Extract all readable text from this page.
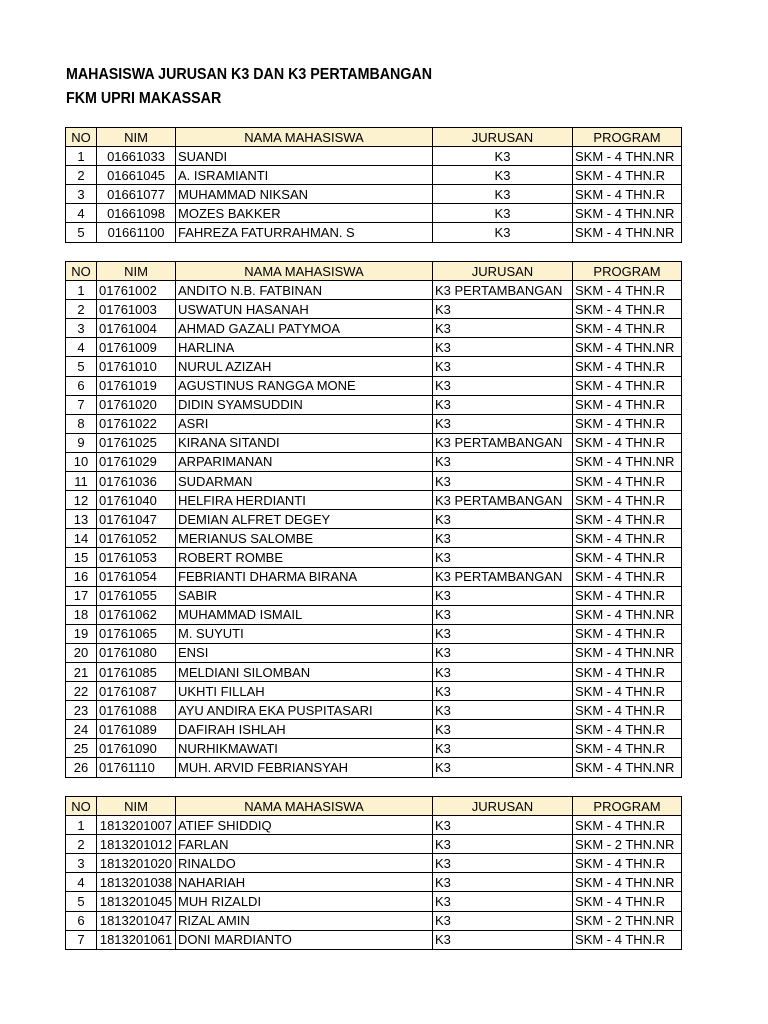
MAHASISWA JURUSAN K3 DAN K3 PERTAMBANGAN
FKM UPRI MAKASSAR
NO	NIM	NAMA MAHASISWA	JURUSAN	PROGRAM
1	01661033	SUANDI	K3	SKM - 4 THN.NR
2	01661045	A. ISRAMIANTI	K3	SKM - 4 THN.R
3	01661077	MUHAMMAD NIKSAN	K3	SKM - 4 THN.R
4	01661098	MOZES BAKKER	K3	SKM - 4 THN.NR
5	01661100	FAHREZA FATURRAHMAN. S	K3	SKM - 4 THN.NR
NO	NIM	NAMA MAHASISWA	JURUSAN	PROGRAM
1	01761002	ANDITO N.B. FATBINAN	K3 PERTAMBANGAN	SKM - 4 THN.R
2	01761003	USWATUN HASANAH	K3	SKM - 4 THN.R
3	01761004	AHMAD GAZALI PATYMOA	K3	SKM - 4 THN.R
4	01761009	HARLINA	K3	SKM - 4 THN.NR
5	01761010	NURUL AZIZAH	K3	SKM - 4 THN.R
6	01761019	AGUSTINUS RANGGA MONE	K3	SKM - 4 THN.R
7	01761020	DIDIN SYAMSUDDIN	K3	SKM - 4 THN.R
8	01761022	ASRI	K3	SKM - 4 THN.R
9	01761025	KIRANA SITANDI	K3 PERTAMBANGAN	SKM - 4 THN.R
10	01761029	ARPARIMANAN	K3	SKM - 4 THN.NR
11	01761036	SUDARMAN	K3	SKM - 4 THN.R
12	01761040	HELFIRA HERDIANTI	K3 PERTAMBANGAN	SKM - 4 THN.R
13	01761047	DEMIAN ALFRET DEGEY	K3	SKM - 4 THN.R
14	01761052	MERIANUS SALOMBE	K3	SKM - 4 THN.R
15	01761053	ROBERT ROMBE	K3	SKM - 4 THN.R
16	01761054	FEBRIANTI DHARMA BIRANA	K3 PERTAMBANGAN	SKM - 4 THN.R
17	01761055	SABIR	K3	SKM - 4 THN.R
18	01761062	MUHAMMAD ISMAIL	K3	SKM - 4 THN.NR
19	01761065	M. SUYUTI	K3	SKM - 4 THN.R
20	01761080	ENSI	K3	SKM - 4 THN.NR
21	01761085	MELDIANI SILOMBAN	K3	SKM - 4 THN.R
22	01761087	UKHTI FILLAH	K3	SKM - 4 THN.R
23	01761088	AYU ANDIRA EKA PUSPITASARI	K3	SKM - 4 THN.R
24	01761089	DAFIRAH ISHLAH	K3	SKM - 4 THN.R
25	01761090	NURHIKMAWATI	K3	SKM - 4 THN.R
26	01761110	MUH. ARVID FEBRIANSYAH	K3	SKM - 4 THN.NR
NO	NIM	NAMA MAHASISWA	JURUSAN	PROGRAM
1	1813201007	ATIEF SHIDDIQ	K3	SKM - 4 THN.R
2	1813201012	FARLAN	K3	SKM - 2 THN.NR
3	1813201020	RINALDO	K3	SKM - 4 THN.R
4	1813201038	NAHARIAH	K3	SKM - 4 THN.NR
5	1813201045	MUH RIZALDI	K3	SKM - 4 THN.R
6	1813201047	RIZAL AMIN	K3	SKM - 2 THN.NR
7	1813201061	DONI MARDIANTO	K3	SKM - 4 THN.R
